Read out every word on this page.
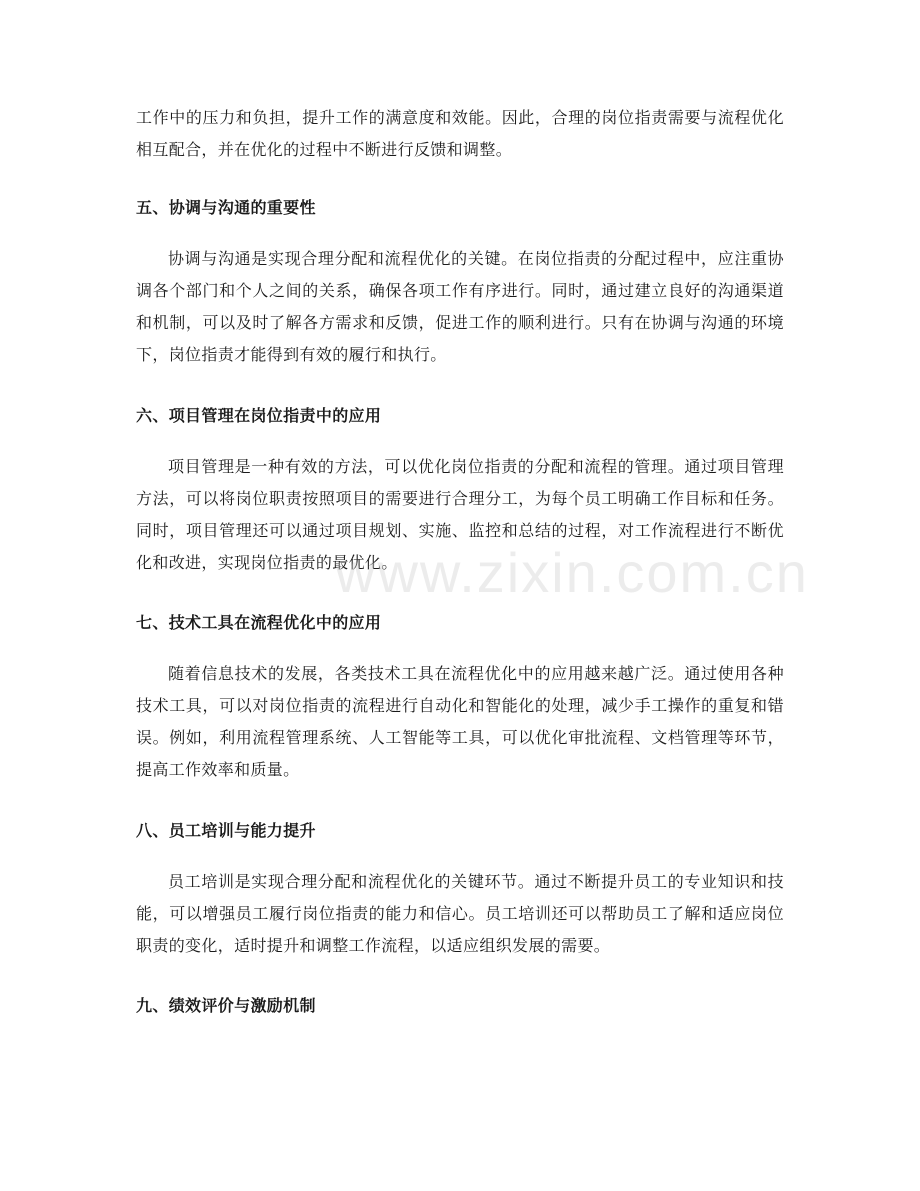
工作中的压力和负担，提升工作的满意度和效能。因此，合理的岗位指责需要与流程优化相互配合，并在优化的过程中不断进行反馈和调整。

五、协调与沟通的重要性

协调与沟通是实现合理分配和流程优化的关键。在岗位指责的分配过程中，应注重协调各个部门和个人之间的关系，确保各项工作有序进行。同时，通过建立良好的沟通渠道和机制，可以及时了解各方需求和反馈，促进工作的顺利进行。只有在协调与沟通的环境下，岗位指责才能得到有效的履行和执行。

六、项目管理在岗位指责中的应用

项目管理是一种有效的方法，可以优化岗位指责的分配和流程的管理。通过项目管理方法，可以将岗位职责按照项目的需要进行合理分工，为每个员工明确工作目标和任务。同时，项目管理还可以通过项目规划、实施、监控和总结的过程，对工作流程进行不断优化和改进，实现岗位指责的最优化。

七、技术工具在流程优化中的应用

随着信息技术的发展，各类技术工具在流程优化中的应用越来越广泛。通过使用各种技术工具，可以对岗位指责的流程进行自动化和智能化的处理，减少手工操作的重复和错误。例如，利用流程管理系统、人工智能等工具，可以优化审批流程、文档管理等环节，提高工作效率和质量。

八、员工培训与能力提升

员工培训是实现合理分配和流程优化的关键环节。通过不断提升员工的专业知识和技能，可以增强员工履行岗位指责的能力和信心。员工培训还可以帮助员工了解和适应岗位职责的变化，适时提升和调整工作流程，以适应组织发展的需要。

九、绩效评价与激励机制
www.zixin.com.cn
